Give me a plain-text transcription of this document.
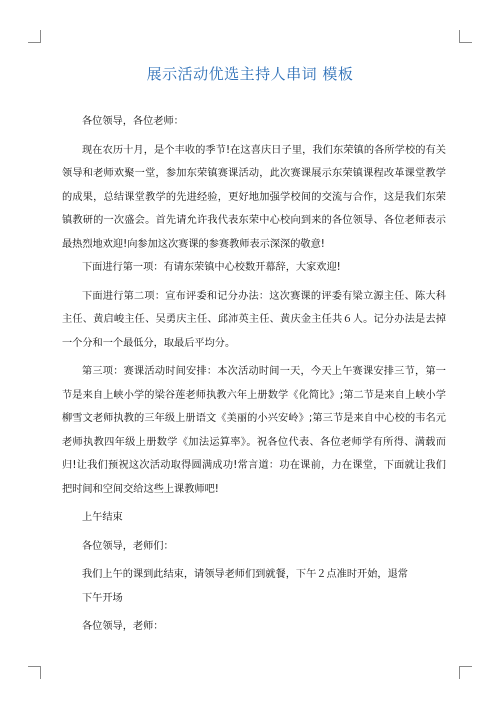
展示活动优选主持人串词 模板

各位领导，各位老师：

现在农历十月，是个丰收的季节!在这喜庆日子里，我们东荣镇的各所学校的有关领导和老师欢聚一堂，参加东荣镇赛课活动，此次赛课展示东荣镇课程改革课堂教学的成果，总结课堂教学的先进经验，更好地加强学校间的交流与合作，这是我们东荣镇教研的一次盛会。首先请允许我代表东荣中心校向到来的各位领导、各位老师表示最热烈地欢迎!向参加这次赛课的参赛教师表示深深的敬意!

下面进行第一项：有请东荣镇中心校数开幕辞，大家欢迎!

下面进行第二项：宣布评委和记分办法：这次赛课的评委有梁立源主任、陈大科主任、黄启峻主任、吴勇庆主任、邱沛英主任、黄庆金主任共６人。记分办法是去掉一个分和一个最低分，取最后平均分。

第三项：赛课活动时间安排：本次活动时间一天，今天上午赛课安排三节，第一节是来自上峡小学的梁谷莲老师执教六年上册数学《化简比》;第二节是来自上峡小学柳雪文老师执教的三年级上册语文《美丽的小兴安岭》;第三节是来自中心校的韦名元老师执教四年级上册数学《加法运算率》。祝各位代表、各位老师学有所得、满载而归!让我们预祝这次活动取得圆满成功!常言道：功在课前，力在课堂，下面就让我们把时间和空间交给这些上课教师吧!

上午结束

各位领导，老师们：

我们上午的课到此结束，请领导老师们到就餐，下午２点准时开始，退常

下午开场

各位领导，老师：
